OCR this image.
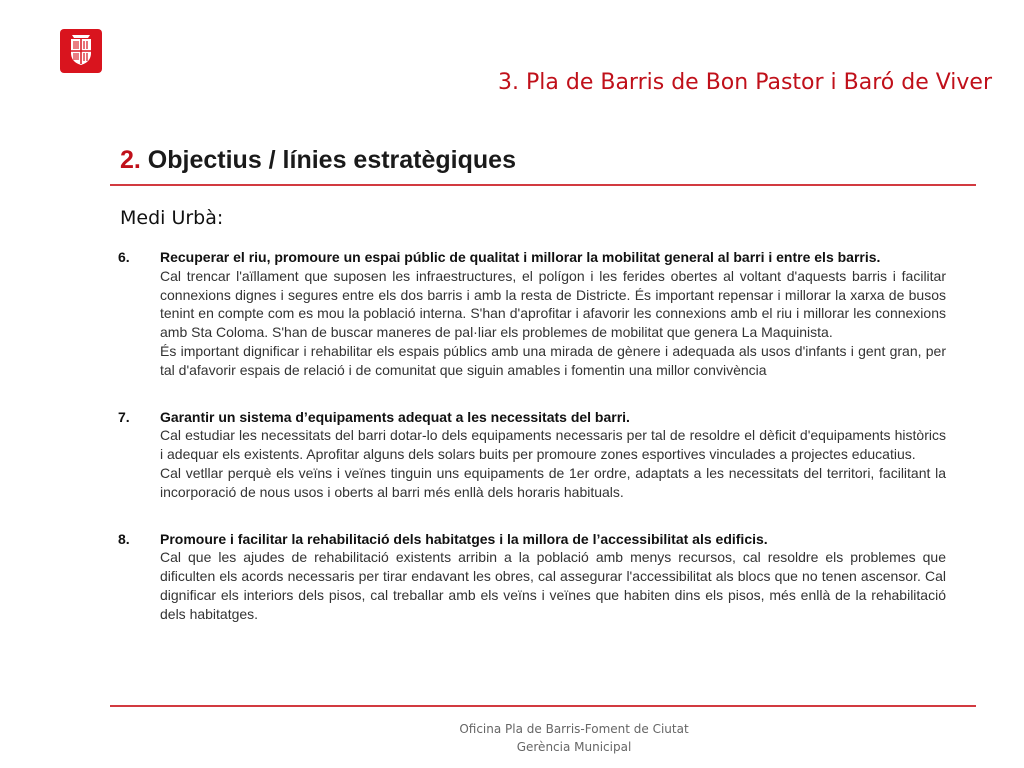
3. Pla de Barris de Bon Pastor i Baró de Viver
2. Objectius / línies estratègiques
Medi Urbà:
6.	Recuperar el riu, promoure un espai públic de qualitat i millorar la mobilitat general al barri i entre els barris.

Cal trencar l'aïllament que suposen les infraestructures, el polígon i les ferides obertes al voltant d'aquests barris i facilitar connexions dignes i segures entre els dos barris i amb la resta de Districte. És important repensar i millorar la xarxa de busos tenint en compte com es mou la població interna. S'han d'aprofitar i afavorir les connexions amb el riu i millorar les connexions amb Sta Coloma. S'han de buscar maneres de pal·liar els problemes de mobilitat que genera La Maquinista.

És important dignificar i rehabilitar els espais públics amb una mirada de gènere i adequada als usos d'infants i gent gran, per tal d'afavorir espais de relació i de comunitat que siguin amables i fomentin una millor convivència

7.	Garantir un sistema d’equipaments adequat a les necessitats del barri.

Cal estudiar les necessitats del barri dotar-lo dels equipaments necessaris per tal de resoldre el dèficit d'equipaments històrics i adequar els existents. Aprofitar alguns dels solars buits per promoure zones esportives vinculades a projectes educatius.

Cal vetllar perquè els veïns i veïnes tinguin uns equipaments de 1er ordre, adaptats a les necessitats del territori, facilitant la incorporació de nous usos i oberts al barri més enllà dels horaris habituals.

8.	Promoure i facilitar la rehabilitació dels habitatges i la millora de l’accessibilitat als edificis.

Cal que les ajudes de rehabilitació existents arribin a la població amb menys recursos, cal resoldre els problemes que dificulten els acords necessaris per tirar endavant les obres, cal assegurar l'accessibilitat als blocs que no tenen ascensor. Cal dignificar els interiors dels pisos, cal treballar amb els veïns i veïnes que habiten dins els pisos, més enllà de la rehabilitació dels habitatges.

Oficina Pla de Barris-Foment de Ciutat
Gerència Municipal
